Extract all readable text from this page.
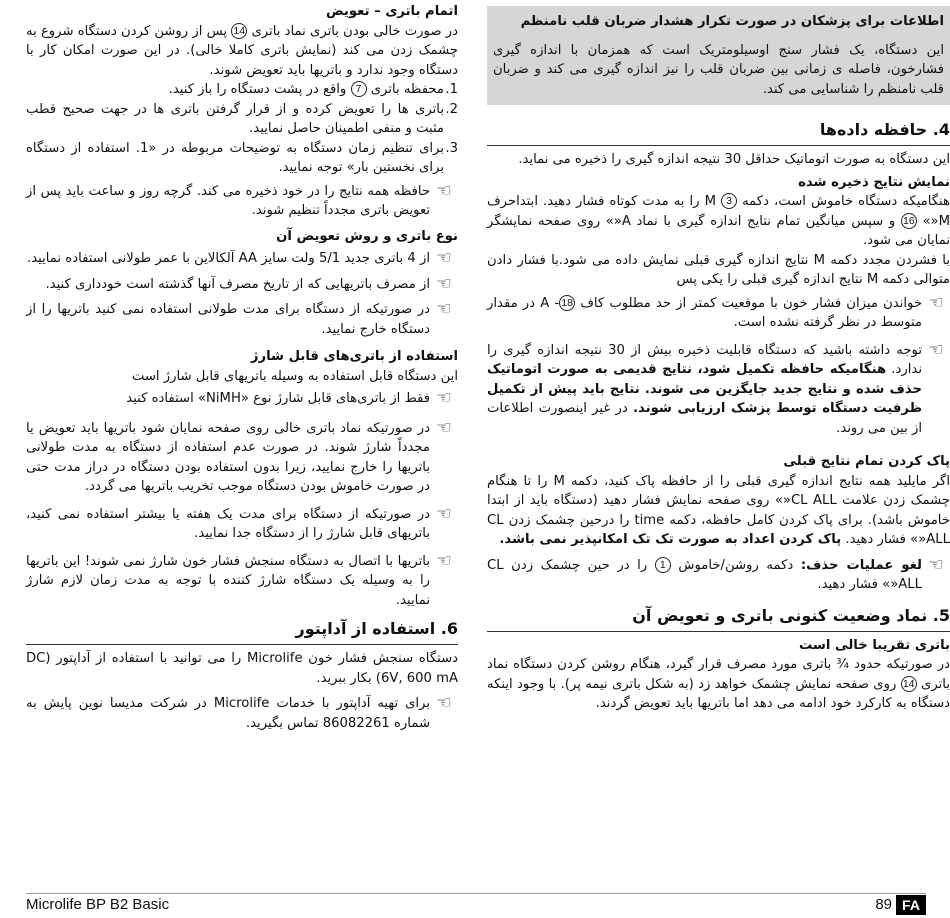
اطلاعات برای پزشکان در صورت تکرار هشدار ضربان قلب نامنظم
این دستگاه، یک فشار سنج اوسیلومتریک است که همزمان با اندازه گیری فشارخون، فاصله ی زمانی بین ضربان قلب را نیز اندازه گیری می کند و ضربان قلب نامنظم را شناسایی می کند.
4. حافظه داده‌ها
این دستگاه به صورت اتوماتیک حداقل 30 نتیجه اندازه گیری را ذخیره می نماید.
نمایش نتایج ذخیره شده
هنگامیکه دستگاه خاموش است، دکمه 3 M را به مدت کوتاه فشار دهید. ابتداحرف M«» 16 و سپس میانگین تمام نتایج اندازه گیری با نماد A«» روی صفحه نمایشگر نمایان می شود.
با فشردن مجدد دکمه M نتایج اندازه گیری قبلی نمایش داده می شود.با فشار دادن متوالی دکمه M نتایج اندازه گیری قبلی را یکی پس
☜
خواندن میزان فشار خون با موقعیت کمتر از حد مطلوب کاف 18- A در مقدار متوسط در نظر گرفته نشده است.
☜
توجه داشته باشید که دستگاه قابلیت ذخیره بیش از 30 نتیجه اندازه گیری را ندارد. هنگامیکه حافظه تکمیل شود، نتایج قدیمی به صورت اتوماتیک حذف شده و نتایج جدید جایگزین می شوند. نتایج باید پیش از تکمیل ظرفیت دستگاه توسط پزشک ارزیابی شوند. در غیر اینصورت اطلاعات از بین می روند.
پاک کردن تمام نتایج قبلی
اگر مایلید همه نتایج اندازه گیری قبلی را از حافظه پاک کنید، دکمه M را تا هنگام چشمک زدن علامت CL ALL«» روی صفحه نمایش فشار دهید (دستگاه باید از ابتدا خاموش باشد). برای پاک کردن کامل حافظه، دکمه time را درحین چشمک زدن CL ALL«» فشار دهید. پاک کردن اعداد به صورت تک تک امکانپذیر نمی باشد.
☜
لغو عملیات حذف: دکمه روشن/خاموش 1 را در حین چشمک زدن CL ALL«» فشار دهید.
5. نماد وضعیت کنونی باتری و تعویض آن
باتری تقریبا خالی است
در صورتیکه حدود ¾ باتری مورد مصرف قرار گیرد، هنگام روشن کردن دستگاه نماد باتری 14 روی صفحه نمایش چشمک خواهد زد (به شکل باتری نیمه پر). با وجود اینکه دستگاه به کارکرد خود ادامه می دهد اما باتریها باید تعویض گردند.
اتمام باتری – تعویض
در صورت خالی بودن باتری نماد باتری 14 پس از روشن کردن دستگاه شروع به چشمک زدن می کند (نمایش باتری کاملا خالی). در این صورت امکان کار با دستگاه وجود ندارد و باتریها باید تعویض شوند.
1.
محفظه باتری 7 واقع در پشت دستگاه را باز کنید.
2.
باتری ها را تعویض کرده و از قرار گرفتن باتری ها در جهت صحیح قطب مثبت و منفی اطمینان حاصل نمایید.
3.
برای تنظیم زمان دستگاه به توضیحات مربوطه در «1. استفاده از دستگاه برای نخستین بار» توجه نمایید.
☜
حافظه همه نتایج را در خود ذخیره می کند. گرچه روز و ساعت باید پس از تعویض باتری مجدداً تنظیم شوند.
نوع باتری و روش تعویض آن
☜
از 4 باتری جدید 5/1 ولت سایز AA آلکالاین با عمر طولانی استفاده نمایید.
☜
از مصرف باتریهایی که از تاریخ مصرف آنها گذشته است خودداری کنید.
☜
در صورتیکه از دستگاه برای مدت طولانی استفاده نمی کنید باتریها را از دستگاه خارج نمایید.
استفاده از باتری‌های قابل شارژ
این دستگاه قابل استفاده به وسیله باتریهای قابل شارژ است
☜
فقط از باتری‌های قابل شارژ نوع «NiMH» استفاده کنید
☜
در صورتیکه نماد باتری خالی روی صفحه نمایان شود باتریها باید تعویض یا مجدداً شارژ شوند. در صورت عدم استفاده از دستگاه به مدت طولانی باتریها را خارج نمایید، زیرا بدون استفاده بودن دستگاه در دراز مدت حتی در صورت خاموش بودن دستگاه موجب تخریب باتریها می گردد.
☜
در صورتیکه از دستگاه برای مدت یک هفته یا بیشتر استفاده نمی کنید، باتریهای قابل شارژ را از دستگاه جدا نمایید.
☜
باتریها با اتصال به دستگاه سنجش فشار خون شارژ نمی شوند! این باتریها را به وسیله یک دستگاه شارژ کننده با توجه به مدت زمان لازم شارژ نمایید.
6. استفاده از آداپتور
دستگاه سنجش فشار خون Microlife را می توانید با استفاده از آداپتور (DC 6V, 600 mA) بکار ببرید.
☜
برای تهیه آداپتور با خدمات Microlife در شرکت مدیسا نوین پایش به شماره 86082261 تماس بگیرید.
Microlife BP B2 Basic	89 FA
